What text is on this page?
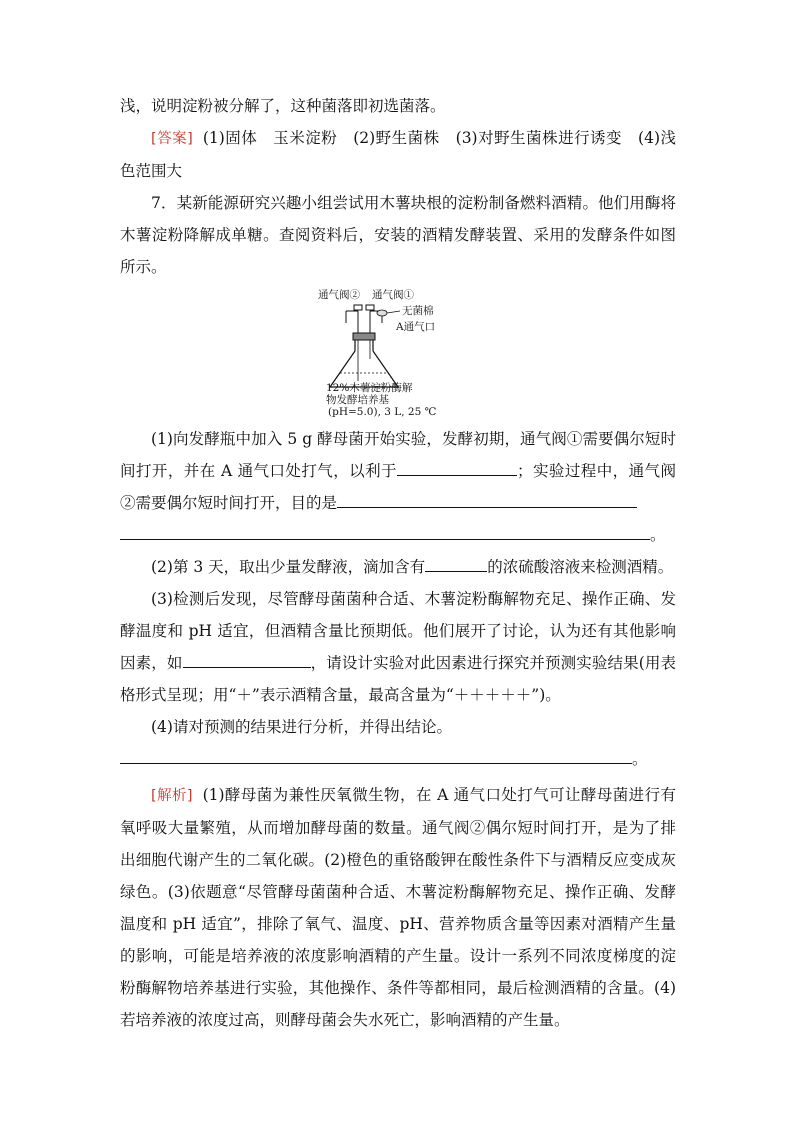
浅，说明淀粉被分解了，这种菌落即初选菌落。

[答案] (1)固体　玉米淀粉　(2)野生菌株　(3)对野生菌株进行诱变　(4)浅色范围大

7．某新能源研究兴趣小组尝试用木薯块根的淀粉制备燃料酒精。他们用酶将木薯淀粉降解成单糖。查阅资料后，安装的酒精发酵装置、采用的发酵条件如图所示。

通气阀② 通气阀①
无菌棉
A通气口
12%木薯淀粉酶解
物发酵培养基
(pH=5.0), 3 L, 25 ℃

(1)向发酵瓶中加入 5 g 酵母菌开始实验，发酵初期，通气阀①需要偶尔短时间打开，并在 A 通气口处打气，以利于	；实验过程中，通气阀②需要偶尔短时间打开，目的是

。

(2)第 3 天，取出少量发酵液，滴加含有	的浓硫酸溶液来检测酒精。

(3)检测后发现，尽管酵母菌菌种合适、木薯淀粉酶解物充足、操作正确、发酵温度和 pH 适宜，但酒精含量比预期低。他们展开了讨论，认为还有其他影响因素，如	，请设计实验对此因素进行探究并预测实验结果(用表格形式呈现；用“＋”表示酒精含量，最高含量为“＋＋＋＋＋”)。

(4)请对预测的结果进行分析，并得出结论。

。

[解析] (1)酵母菌为兼性厌氧微生物，在 A 通气口处打气可让酵母菌进行有氧呼吸大量繁殖，从而增加酵母菌的数量。通气阀②偶尔短时间打开，是为了排出细胞代谢产生的二氧化碳。(2)橙色的重铬酸钾在酸性条件下与酒精反应变成灰绿色。(3)依题意“尽管酵母菌菌种合适、木薯淀粉酶解物充足、操作正确、发酵温度和 pH 适宜”，排除了氧气、温度、pH、营养物质含量等因素对酒精产生量的影响，可能是培养液的浓度影响酒精的产生量。设计一系列不同浓度梯度的淀粉酶解物培养基进行实验，其他操作、条件等都相同，最后检测酒精的含量。(4)若培养液的浓度过高，则酵母菌会失水死亡，影响酒精的产生量。
